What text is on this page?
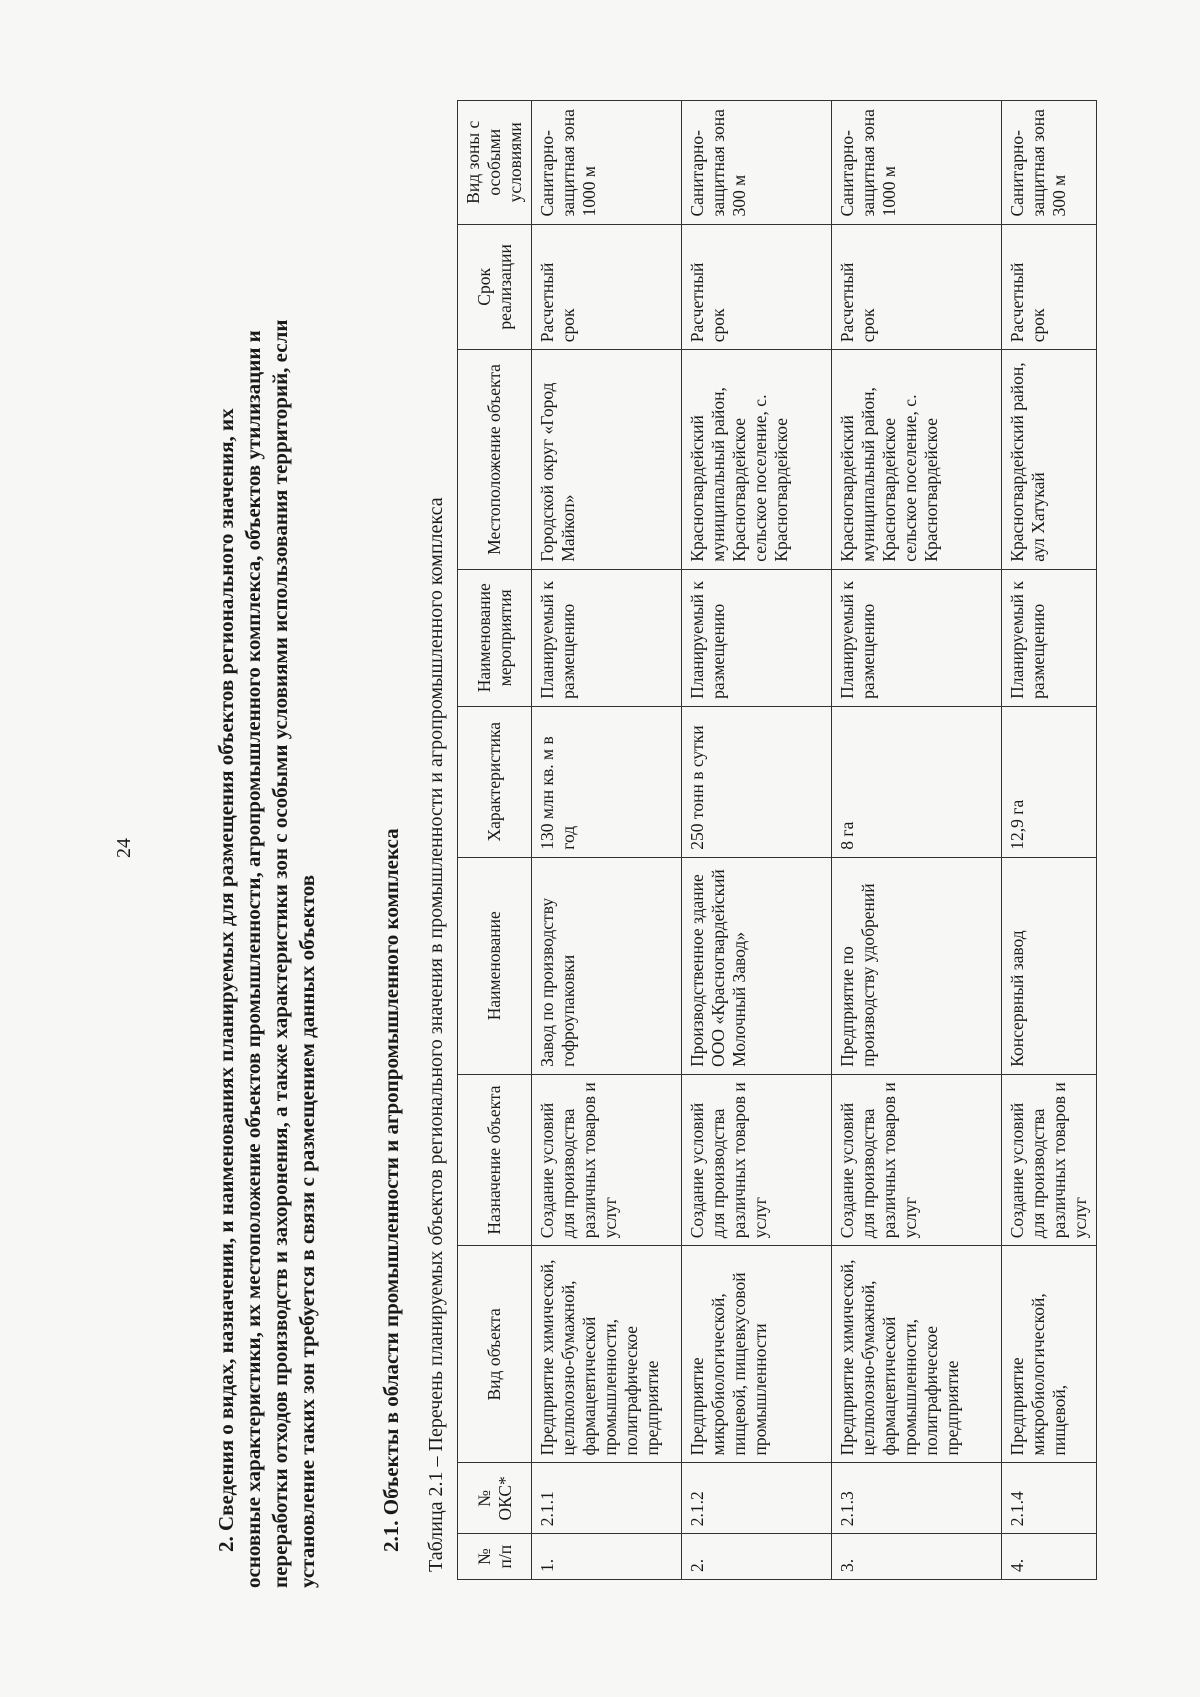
24	2. Сведения о видах, назначении, и наименованиях планируемых для размещения объектов регионального значения, их основные характеристики, их местоположение объектов промышленности, агропромышленного комплекса, объектов утилизации и переработки отходов производств и захоронения, а также характеристики зон с особыми условиями использования территорий, если установление таких зон требуется в связи с размещением данных объектов	2.1. Объекты в области промышленности и агропромышленного комплекса Таблица 2.1 – Перечень планируемых объектов регионального значения в промышленности и агропромышленного комплекса № п/п	№ ОКС*	Вид объекта	Назначение объекта	Наименование	Характеристика	Наименование мероприятия	Местоположение объекта	Срок реализации	Вид зоны с особыми условиями
1.	2.1.1	Предприятие химической, целлюлозно-бумажной, фармацевтической промышленности, полиграфическое предприятие	Создание условий для производства различных товаров и услуг	Завод по производству гофроупаковки	130 млн кв. м в год	Планируемый к размещению	Городской округ «Город Майкоп»	Расчетный срок	Санитарно-защитная зона 1000 м
2.	2.1.2	Предприятие микробиологической, пищевой, пищевкусовой промышленности	Создание условий для производства различных товаров и услуг	Производственное здание ООО «Красногвардейский Молочный Завод»	250 тонн в сутки	Планируемый к размещению	Красногвардейский муниципальный район, Красногвардейское сельское поселение, с. Красногвардейское	Расчетный срок	Санитарно-защитная зона 300 м
3.	2.1.3	Предприятие химической, целлюлозно-бумажной, фармацевтической промышленности, полиграфическое предприятие	Создание условий для производства различных товаров и услуг	Предприятие по производству удобрений	8 га	Планируемый к размещению	Красногвардейский муниципальный район, Красногвардейское сельское поселение, с. Красногвардейское	Расчетный срок	Санитарно-защитная зона 1000 м
4.	2.1.4	Предприятие микробиологической, пищевой,	Создание условий для производства различных товаров и услуг	Консервный завод	12,9 га	Планируемый к размещению	Красногвардейский район, аул Хатукай	Расчетный срок	Санитарно-защитная зона 300 м
